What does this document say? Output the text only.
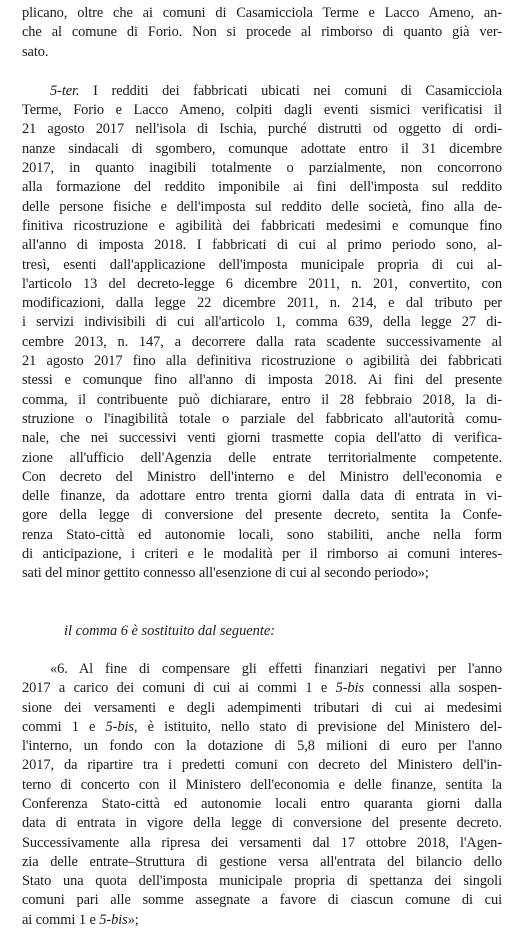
plicano, oltre che ai comuni di Casamicciola Terme e Lacco Ameno, an-
che al comune di Forio. Non si procede al rimborso di quanto già ver-
sato.
5-ter. I redditi dei fabbricati ubicati nei comuni di Casamicciola
Terme, Forio e Lacco Ameno, colpiti dagli eventi sismici verificatisi il
21 agosto 2017 nell'isola di Ischia, purché distrutti od oggetto di ordi-
nanze sindacali di sgombero, comunque adottate entro il 31 dicembre
2017, in quanto inagibili totalmente o parzialmente, non concorrono
alla formazione del reddito imponibile ai fini dell'imposta sul reddito
delle persone fisiche e dell'imposta sul reddito delle società, fino alla de-
finitiva ricostruzione e agibilità dei fabbricati medesimi e comunque fino
all'anno di imposta 2018. I fabbricati di cui al primo periodo sono, al-
tresì, esenti dall'applicazione dell'imposta municipale propria di cui al-
l'articolo 13 del decreto-legge 6 dicembre 2011, n. 201, convertito, con
modificazioni, dalla legge 22 dicembre 2011, n. 214, e dal tributo per
i servizi indivisibili di cui all'articolo 1, comma 639, della legge 27 di-
cembre 2013, n. 147, a decorrere dalla rata scadente successivamente al
21 agosto 2017 fino alla definitiva ricostruzione o agibilità dei fabbricati
stessi e comunque fino all'anno di imposta 2018. Ai fini del presente
comma, il contribuente può dichiarare, entro il 28 febbraio 2018, la di-
struzione o l'inagibilità totale o parziale del fabbricato all'autorità comu-
nale, che nei successivi venti giorni trasmette copia dell'atto di verifica-
zione all'ufficio dell'Agenzia delle entrate territorialmente competente.
Con decreto del Ministro dell'interno e del Ministro dell'economia e
delle finanze, da adottare entro trenta giorni dalla data di entrata in vi-
gore della legge di conversione del presente decreto, sentita la Confe-
renza Stato-città ed autonomie locali, sono stabiliti, anche nella form
di anticipazione, i criteri e le modalità per il rimborso ai comuni interes-
sati del minor gettito connesso all'esenzione di cui al secondo periodo»;
il comma 6 è sostituito dal seguente:
«6. Al fine di compensare gli effetti finanziari negativi per l'anno
2017 a carico dei comuni di cui ai commi 1 e 5-bis connessi alla sospen-
sione dei versamenti e degli adempimenti tributari di cui ai medesimi
commi 1 e 5-bis, è istituito, nello stato di previsione del Ministero del-
l'interno, un fondo con la dotazione di 5,8 milioni di euro per l'anno
2017, da ripartire tra i predetti comuni con decreto del Ministero dell'in-
terno di concerto con il Ministero dell'economia e delle finanze, sentita la
Conferenza Stato-città ed autonomie locali entro quaranta giorni dalla
data di entrata in vigore della legge di conversione del presente decreto.
Successivamente alla ripresa dei versamenti dal 17 ottobre 2018, l'Agen-
zia delle entrate–Struttura di gestione versa all'entrata del bilancio dello
Stato una quota dell'imposta municipale propria di spettanza dei singoli
comuni pari alle somme assegnate a favore di ciascun comune di cui
ai commi 1 e 5-bis»;
